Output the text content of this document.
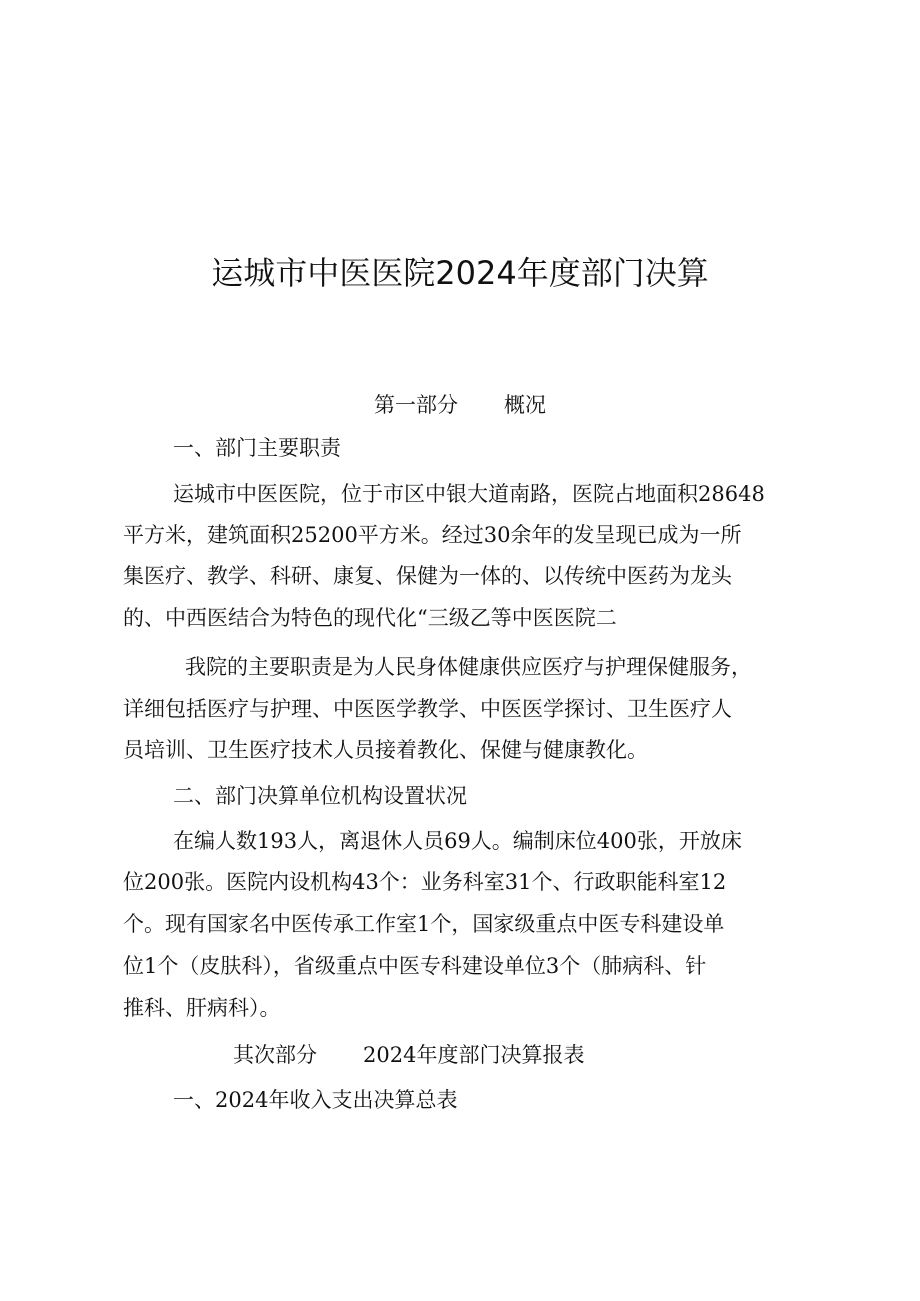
运城市中医医院2024年度部门决算
第一部分 概况
一、部门主要职责
运城市中医医院，位于市区中银大道南路，医院占地面积28648
平方米，建筑面积25200平方米。经过30余年的发呈现已成为一所
集医疗、教学、科研、康复、保健为一体的、以传统中医药为龙头
的、中西医结合为特色的现代化“三级乙等中医医院二
我院的主要职责是为人民身体健康供应医疗与护理保健服务，
详细包括医疗与护理、中医医学教学、中医医学探讨、卫生医疗人
员培训、卫生医疗技术人员接着教化、保健与健康教化。
二、部门决算单位机构设置状况
在编人数193人，离退休人员69人。编制床位400张，开放床
位200张。医院内设机构43个：业务科室31个、行政职能科室12
个。现有国家名中医传承工作室1个，国家级重点中医专科建设单
位1个（皮肤科），省级重点中医专科建设单位3个（肺病科、针
推科、肝病科）。
其次部分 2024年度部门决算报表
一、2024年收入支出决算总表
